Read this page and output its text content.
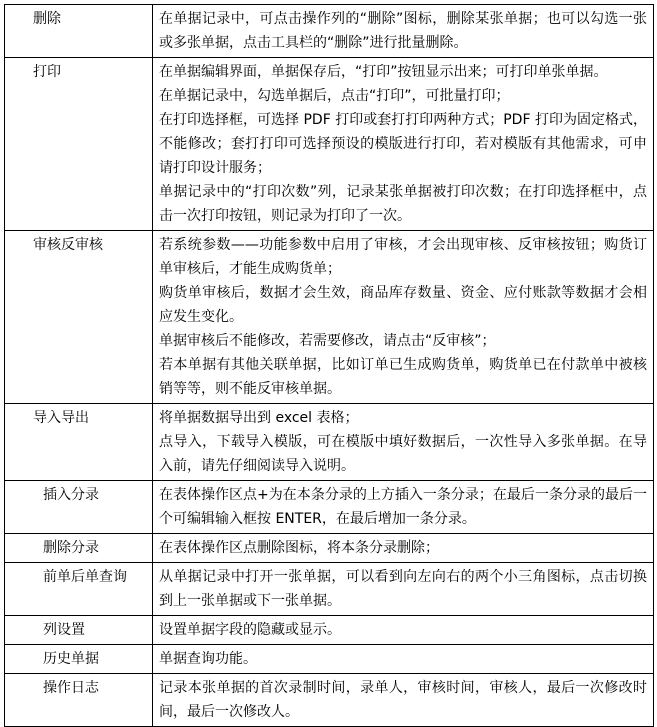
删除	在单据记录中，可点击操作列的“删除”图标，删除某张单据；也可以勾选一张或多张单据，点击工具栏的“删除”进行批量删除。

打印	在单据编辑界面，单据保存后，“打印”按钮显示出来；可打印单张单据。

在单据记录中，勾选单据后，点击“打印”，可批量打印；

在打印选择框，可选择 PDF 打印或套打打印两种方式；PDF 打印为固定格式，不能修改；套打打印可选择预设的模版进行打印，若对模版有其他需求，可申请打印设计服务；

单据记录中的“打印次数”列，记录某张单据被打印次数；在打印选择框中，点击一次打印按钮，则记录为打印了一次。

审核反审核	若系统参数——功能参数中启用了审核，才会出现审核、反审核按钮；购货订单审核后，才能生成购货单；

购货单审核后，数据才会生效，商品库存数量、资金、应付账款等数据才会相应发生变化。

单据审核后不能修改，若需要修改，请点击“反审核”；

若本单据有其他关联单据，比如订单已生成购货单，购货单已在付款单中被核销等等，则不能反审核单据。

导入导出	将单据数据导出到 excel 表格；

点导入，下载导入模版，可在模版中填好数据后，一次性导入多张单据。在导入前，请先仔细阅读导入说明。

插入分录	在表体操作区点+为在本条分录的上方插入一条分录；在最后一条分录的最后一个可编辑输入框按 ENTER，在最后增加一条分录。

删除分录	在表体操作区点删除图标，将本条分录删除；

前单后单查询	从单据记录中打开一张单据，可以看到向左向右的两个小三角图标，点击切换到上一张单据或下一张单据。

列设置	设置单据字段的隐藏或显示。

历史单据	单据查询功能。

操作日志	记录本张单据的首次录制时间，录单人，审核时间，审核人，最后一次修改时间，最后一次修改人。
